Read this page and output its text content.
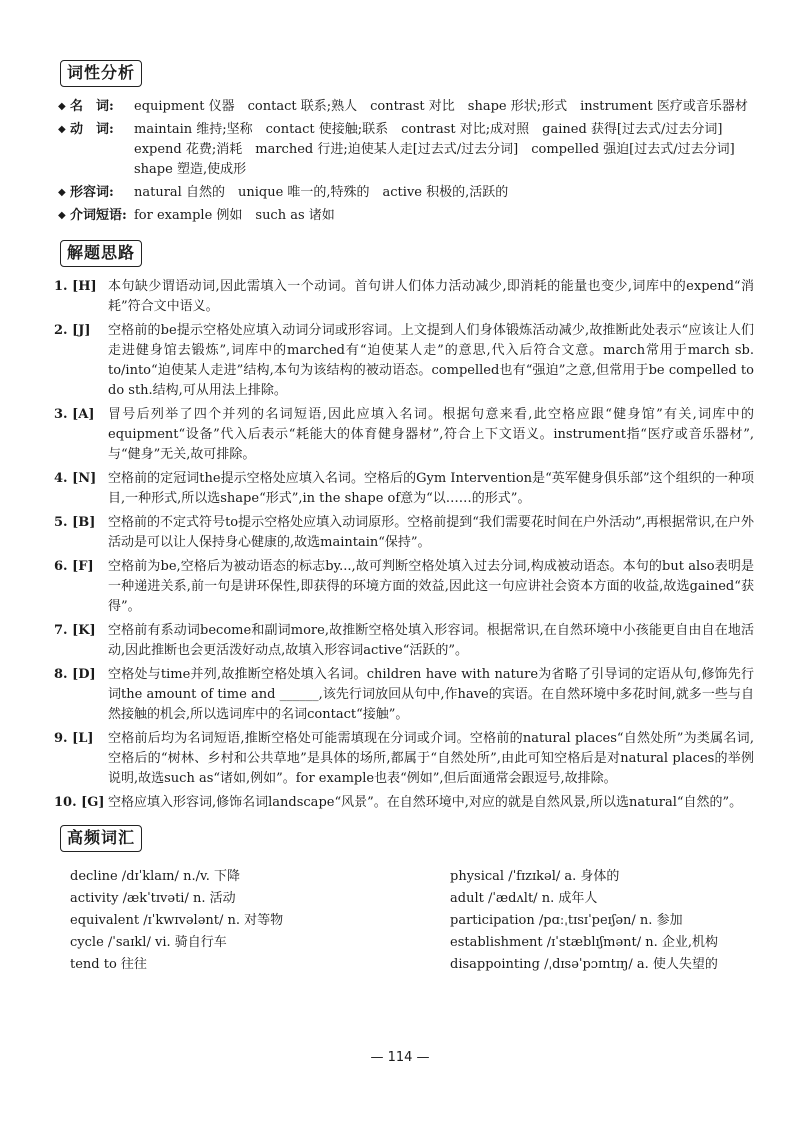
词性分析
◆ 名　词:	equipment 仪器　contact 联系;熟人　contrast 对比　shape 形状;形式　instrument 医疗或音乐器材
◆ 动　词:	maintain 维持;坚称　contact 使接触;联系　contrast 对比;成对照　gained 获得[过去式/过去分词]　expend 花费;消耗　marched 行进;迫使某人走[过去式/过去分词]　compelled 强迫[过去式/过去分词]　shape 塑造,使成形
◆ 形容词:	natural 自然的　unique 唯一的,特殊的　active 积极的,活跃的
◆ 介词短语: for example 例如　such as 诸如
解题思路
1. [H] 本句缺少谓语动词,因此需填入一个动词。首句讲人们体力活动减少,即消耗的能量也变少,词库中的expend“消耗”符合文中语义。
2. [J]	空格前的be提示空格处应填入动词分词或形容词。上文提到人们身体锻炼活动减少,故推断此处表示“应该让人们走进健身馆去锻炼”,词库中的marched有“迫使某人走”的意思,代入后符合文意。march常用于march sb. to/into“迫使某人走进”结构,本句为该结构的被动语态。compelled也有“强迫”之意,但常用于be compelled to do sth.结构,可从用法上排除。
3. [A]	冒号后列举了四个并列的名词短语,因此应填入名词。根据句意来看,此空格应跟“健身馆”有关,词库中的equipment“设备”代入后表示“耗能大的体育健身器材”,符合上下文语义。instrument指“医疗或音乐器材”,与“健身”无关,故可排除。
4. [N] 空格前的定冠词the提示空格处应填入名词。空格后的Gym Intervention是“英军健身俱乐部”这个组织的一种项目,一种形式,所以选shape“形式”,in the shape of意为“以……的形式”。
5. [B] 空格前的不定式符号to提示空格处应填入动词原形。空格前提到“我们需要花时间在户外活动”,再根据常识,在户外活动是可以让人保持身心健康的,故选maintain“保持”。
6. [F]	空格前为be,空格后为被动语态的标志by...,故可判断空格处填入过去分词,构成被动语态。本句的but also表明是一种递进关系,前一句是讲环保性,即获得的环境方面的效益,因此这一句应讲社会资本方面的收益,故选gained“获得”。
7. [K] 空格前有系动词become和副词more,故推断空格处填入形容词。根据常识,在自然环境中小孩能更自由自在地活动,因此推断也会更活泼好动点,故填入形容词active“活跃的”。
8. [D] 空格处与time并列,故推断空格处填入名词。children have with nature为省略了引导词的定语从句,修饰先行词the amount of time and ______,该先行词放回从句中,作have的宾语。在自然环境中多花时间,就多一些与自然接触的机会,所以选词库中的名词contact“接触”。
9. [L]	空格前后均为名词短语,推断空格处可能需填现在分词或介词。空格前的natural places“自然处所”为类属名词,空格后的“树林、乡村和公共草地”是具体的场所,都属于“自然处所”,由此可知空格后是对natural places的举例说明,故选such as“诸如,例如”。for example也表“例如”,但后面通常会跟逗号,故排除。
10. [G] 空格应填入形容词,修饰名词landscape“风景”。在自然环境中,对应的就是自然风景,所以选natural“自然的”。
高频词汇
decline /dɪˈklaɪn/ n./v. 下降
activity /ækˈtɪvəti/ n. 活动
equivalent /ɪˈkwɪvələnt/ n. 对等物
cycle /ˈsaɪkl/ vi. 骑自行车
tend to 往往
physical /ˈfɪzɪkəl/ a. 身体的
adult /ˈædʌlt/ n. 成年人
participation /pɑːˌtɪsɪˈpeɪʃən/ n. 参加
establishment /ɪˈstæblɪʃmənt/ n. 企业,机构
disappointing /ˌdɪsəˈpɔɪntɪŋ/ a. 使人失望的
— 114 —
